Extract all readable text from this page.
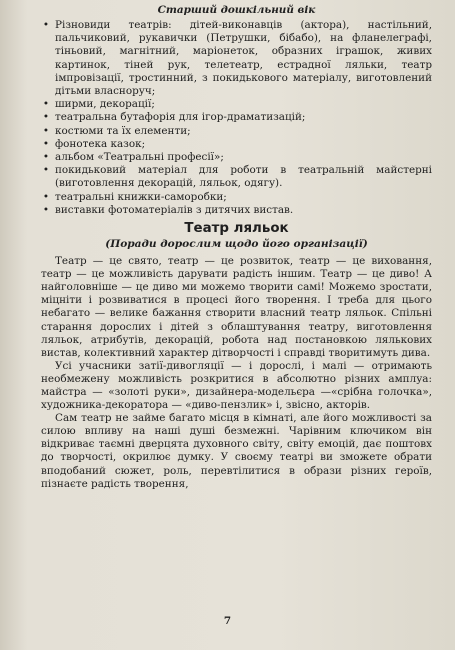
Старший дошкільний вік
• Різновиди театрів: дітей-виконавців (актора), настільний, пальчиковий, рукавички (Петрушки, бібабо), на фланелеграфі, тіньовий, магнітний, маріонеток, образних іграшок, живих картинок, тіней рук, телетеатр, естрадної ляльки, театр імпровізації, тростинний, з покидькового матеріалу, виготовлений дітьми власноруч;
• ширми, декорації;
• театральна бутафорія для ігор-драматизацій;
• костюми та їх елементи;
• фонотека казок;
• альбом «Театральні професії»;
• покидьковий матеріал для роботи в театральній майстерні (виготовлення декорацій, ляльок, одягу).
• театральні книжки-саморобки;
• виставки фотоматеріалів з дитячих вистав.
Театр ляльок
(Поради дорослим щодо його організації)

Театр — це свято, театр — це розвиток, театр — це виховання, театр — це можливість дарувати радість іншим. Театр — це диво! А найголовніше — це диво ми можемо творити самі! Можемо зростати, міцніти і розвиватися в процесі його творення. І треба для цього небагато — велике бажання створити власний театр ляльок. Спільні старання дорослих і дітей з облаштування театру, виготовлення ляльок, атрибутів, декорацій, робота над постановкою лялькових вистав, колективний характер дітворчості і справді творитимуть дива.

Усі учасники затії-дивогляції — і дорослі, і малі — отримають необмежену можливість розкритися в абсолютно різних амплуа: майстра — «золоті руки», дизайнера-модельєра —«срібна голочка», художника-декоратора — «диво-пензлик» і, звісно, акторів.

Сам театр не займе багато місця в кімнаті, але його можливості за силою впливу на наші душі безмежні. Чарівним ключиком він відкриває таємні дверцята духовного світу, світу емоцій, дає поштовх до творчості, окрилює думку. У своєму театрі ви зможете обрати вподобаний сюжет, роль, перевтілитися в образи різних героїв, пізнаєте радість творення,

7
